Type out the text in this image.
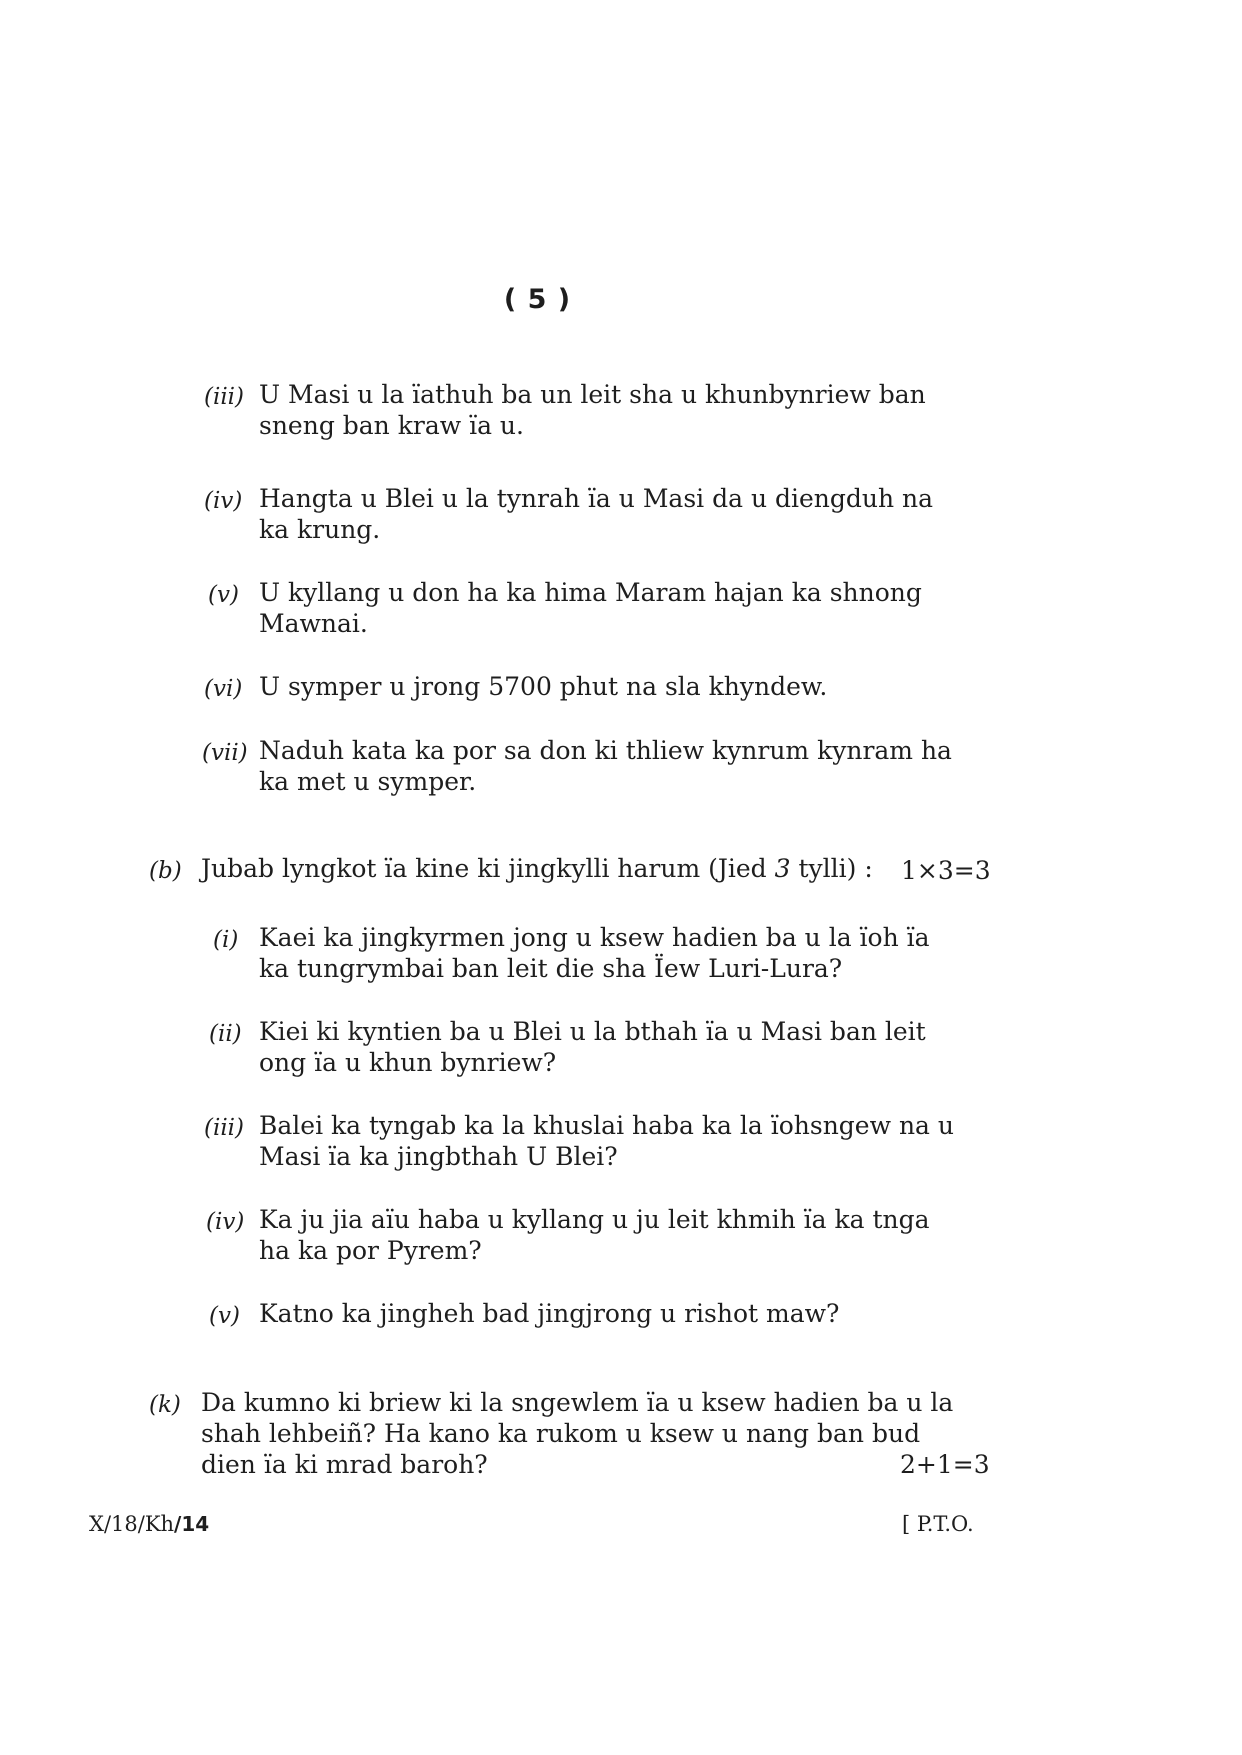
( 5 )
(iii) U Masi u la ïathuh ba un leit sha u khunbynriew ban
sneng ban kraw ïa u.
(iv) Hangta u Blei u la tynrah ïa u Masi da u diengduh na
ka krung.
(v) U kyllang u don ha ka hima Maram hajan ka shnong
Mawnai.
(vi) U symper u jrong 5700 phut na sla khyndew.
(vii) Naduh kata ka por sa don ki thliew kynrum kynram ha
ka met u symper.
(b) Jubab lyngkot ïa kine ki jingkylli harum (Jied 3 tylli) : 1×3=3
(i) Kaei ka jingkyrmen jong u ksew hadien ba u la ïoh ïa
ka tungrymbai ban leit die sha Ïew Luri-Lura?
(ii) Kiei ki kyntien ba u Blei u la bthah ïa u Masi ban leit
ong ïa u khun bynriew?
(iii) Balei ka tyngab ka la khuslai haba ka la ïohsngew na u
Masi ïa ka jingbthah U Blei?
(iv) Ka ju jia aïu haba u kyllang u ju leit khmih ïa ka tnga
ha ka por Pyrem?
(v) Katno ka jingheh bad jingjrong u rishot maw?
(k) Da kumno ki briew ki la sngewlem ïa u ksew hadien ba u la
shah lehbeiñ? Ha kano ka rukom u ksew u nang ban bud
dien ïa ki mrad baroh?	2+1=3
X/18/Kh/14	[ P.T.O.
